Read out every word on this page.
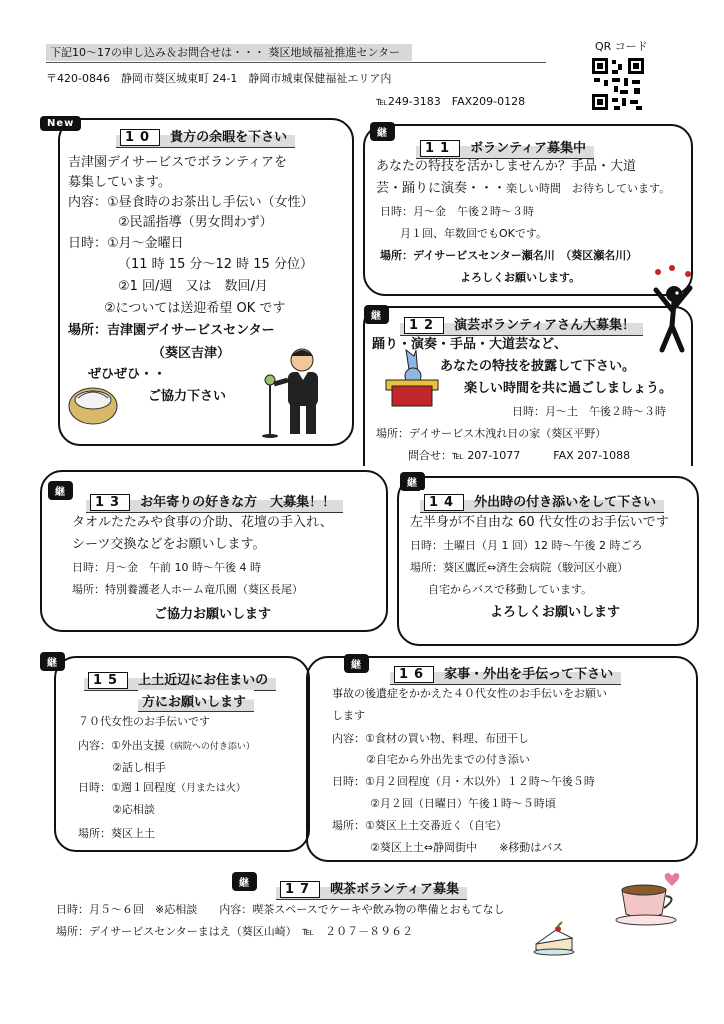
下記10～17の申し込み＆お問合せは・・・ 葵区地域福祉推進センター
〒420-0846　静岡市葵区城東町 24-1　静岡市城東保健福祉エリア内
℡249-3183　FAX209-0128
QR コード
New
10 貴方の余暇を下さい
吉津園デイサービスでボランティアを
募集しています。
内容：①昼食時のお茶出し手伝い（女性）
②民謡指導（男女問わず）
日時：①月～金曜日
（11 時 15 分～12 時 15 分位）
②1 回/週　又は　数回/月
②については送迎希望 OK です
場所：吉津園デイサービスセンター
（葵区吉津）
ぜひぜひ・・
ご協力下さい
継
11 ボランティア募集中
あなたの特技を活かしませんか？手品・大道
芸・踊りに演奏・・・楽しい時間　お待ちしています。
日時：月～金　午後２時～３時
月１回、年数回でもOKです。
場所：デイサービスセンター瀬名川　 （葵区瀬名川）
よろしくお願いします。
継
12 演芸ボランティアさん大募集！
踊り・演奏・手品・大道芸など、
あなたの特技を披露して下さい。
楽しい時間を共に過ごしましょう。
日時：月～土　午後２時～３時
場所：デイサービス木洩れ日の家（葵区平野）
問合せ：℡ 207-1077　　　	FAX 207-1088
継
13 お年寄りの好きな方　大募集！！
タオルたたみや食事の介助、花壇の手入れ、
シーツ交換などをお願いします。
日時：月～金　午前 10 時～午後 4 時
場所：特別養護老人ホーム竜爪園（葵区長尾）
ご協力お願いします
継
14 外出時の付き添いをして下さい
左半身が不自由な 60 代女性のお手伝いです
日時：土曜日（月 1 回）12 時～午後 2 時ごろ
場所：葵区鷹匠⇔済生会病院（駿河区小鹿）
自宅からバスで移動しています。
よろしくお願いします
継
15 上土近辺にお住まいの
方にお願いします
７０代女性のお手伝いです
内容：①外出支援（病院への付き添い）
②話し相手
日時：①週１回程度（月または火）
②応相談
場所：葵区上土
継
16 家事・外出を手伝って下さい
事故の後遺症をかかえた４０代女性のお手伝いをお願い
します
内容：①食材の買い物、料理、布団干し
②自宅から外出先までの付き添い
日時：①月２回程度（月・木以外）１２時～午後５時
②月２回（日曜日）午後１時～５時頃
場所：①葵区上土交番近く（自宅）
②葵区上土⇔静岡街中　　 ※移動はバス
継	17 喫茶ボランティア募集
日時：月５～６回　※応相談　　 内容：喫茶スペースでケーキや飲み物の準備とおもてなし
場所：デイサービスセンターまはえ（葵区山崎）　 ℡　２０７－８９６２
